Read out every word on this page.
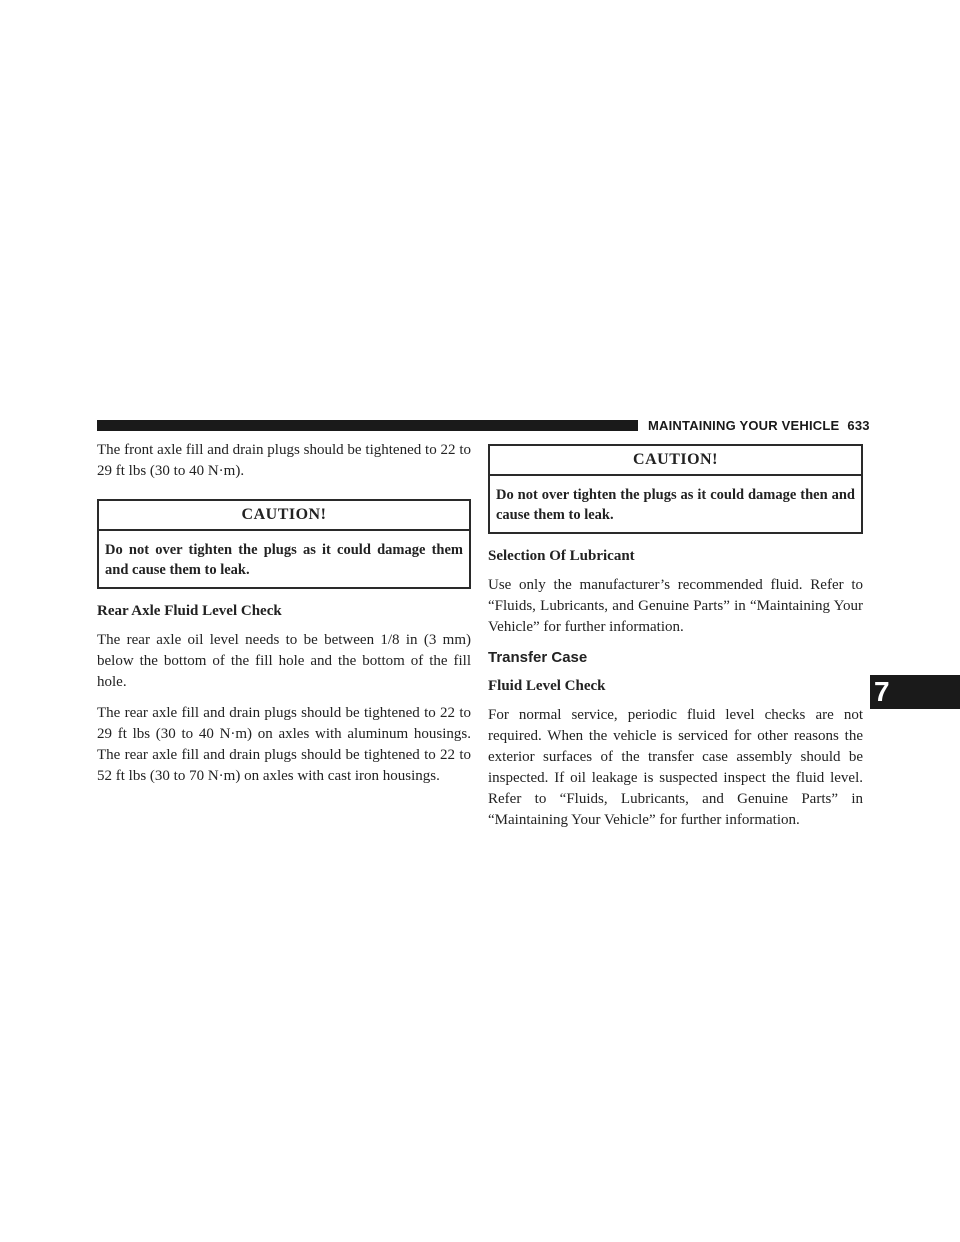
MAINTAINING YOUR VEHICLE 633

The front axle fill and drain plugs should be tightened to 22 to 29 ft lbs (30 to 40 N·m).

CAUTION!
Do not over tighten the plugs as it could damage them and cause them to leak.
Rear Axle Fluid Level Check

The rear axle oil level needs to be between 1/8 in (3 mm) below the bottom of the fill hole and the bottom of the fill hole.

The rear axle fill and drain plugs should be tightened to 22 to 29 ft lbs (30 to 40 N·m) on axles with aluminum housings. The rear axle fill and drain plugs should be tightened to 22 to 52 ft lbs (30 to 70 N·m) on axles with cast iron housings.

CAUTION!
Do not over tighten the plugs as it could damage then and cause them to leak.
Selection Of Lubricant

Use only the manufacturer’s recommended fluid. Refer to “Fluids, Lubricants, and Genuine Parts” in “Maintaining Your Vehicle” for further information.

Transfer Case
Fluid Level Check

For normal service, periodic fluid level checks are not required. When the vehicle is serviced for other reasons the exterior surfaces of the transfer case assembly should be inspected. If oil leakage is suspected inspect the fluid level. Refer to “Fluids, Lubricants, and Genuine Parts” in “Maintaining Your Vehicle” for further information.

7
